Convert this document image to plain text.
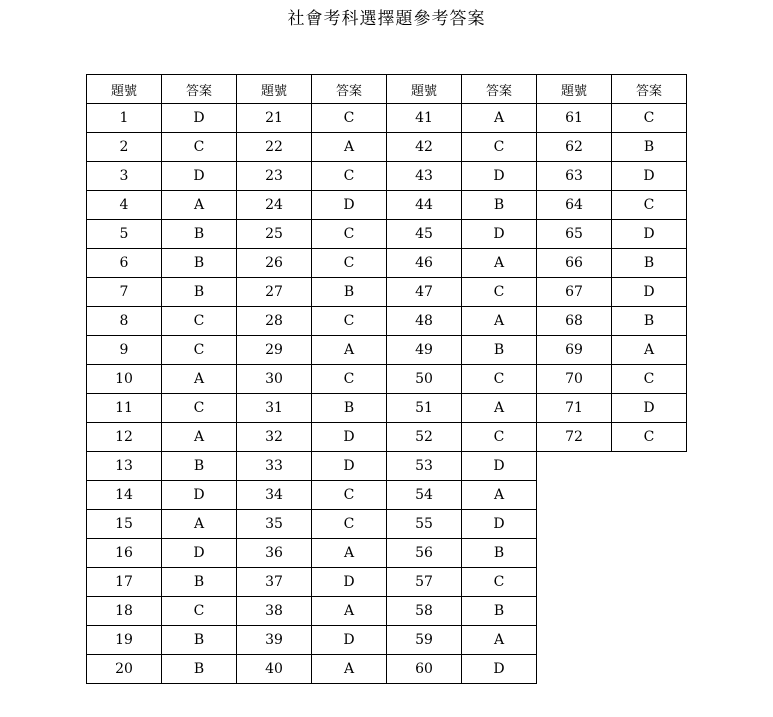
社會考科選擇題參考答案
題號	答案	題號	答案	題號	答案	題號	答案
1	D	21	C	41	A	61	C
2	C	22	A	42	C	62	B
3	D	23	C	43	D	63	D
4	A	24	D	44	B	64	C
5	B	25	C	45	D	65	D
6	B	26	C	46	A	66	B
7	B	27	B	47	C	67	D
8	C	28	C	48	A	68	B
9	C	29	A	49	B	69	A
10	A	30	C	50	C	70	C
11	C	31	B	51	A	71	D
12	A	32	D	52	C	72	C
13	B	33	D	53	D		
14	D	34	C	54	A		
15	A	35	C	55	D		
16	D	36	A	56	B		
17	B	37	D	57	C		
18	C	38	A	58	B		
19	B	39	D	59	A		
20	B	40	A	60	D		
